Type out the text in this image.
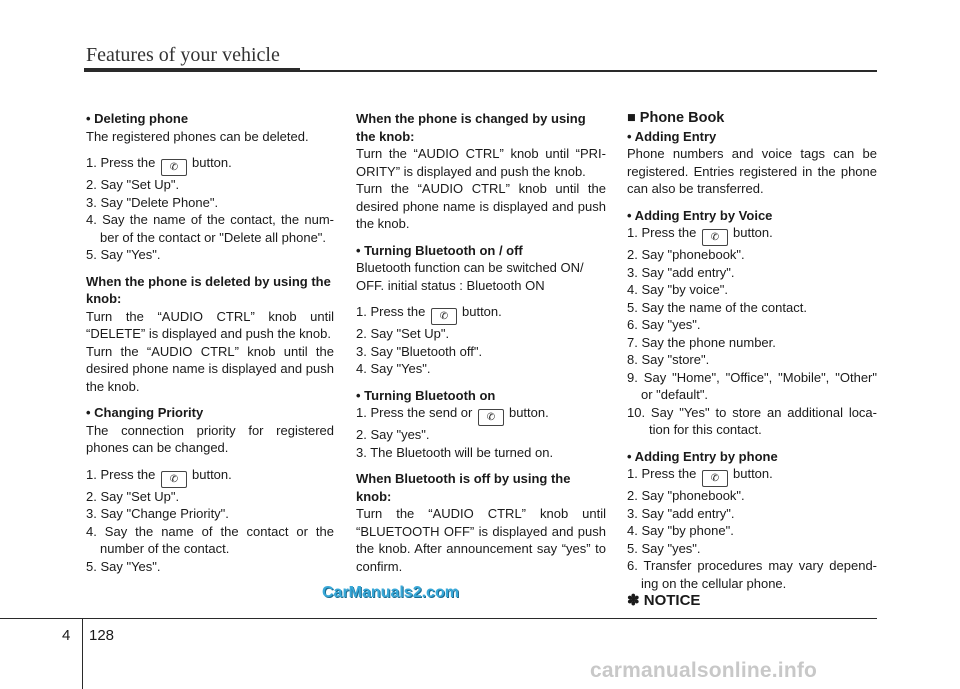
Features of your vehicle

• Deleting phone

The registered phones can be deleted.

1. Press the ✆ button.

2. Say "Set Up".

3. Say "Delete Phone".

4. Say the name of the contact, the num-ber of the contact or "Delete all phone".

5. Say "Yes".

When the phone is deleted by using the knob:

Turn the “AUDIO CTRL” knob until “DELETE” is displayed and push the knob.

Turn the “AUDIO CTRL” knob until the desired phone name is displayed and push the knob.

• Changing Priority

The connection priority for registered phones can be changed.

1. Press the ✆ button.

2. Say "Set Up".

3. Say "Change Priority".

4. Say the name of the contact or the number of the contact.

5. Say "Yes".

When the phone is changed by using the knob:

Turn the “AUDIO CTRL” knob until “PRI-ORITY” is displayed and push the knob.

Turn the “AUDIO CTRL” knob until the desired phone name is displayed and push the knob.

• Turning Bluetooth on / off

Bluetooth function can be switched ON/ OFF. initial status : Bluetooth ON

1. Press the ✆ button.

2. Say "Set Up".

3. Say "Bluetooth off".

4. Say "Yes".

• Turning Bluetooth on

1. Press the send or ✆ button.

2. Say "yes".

3. The Bluetooth will be turned on.

When Bluetooth is off by using the knob:

Turn the “AUDIO CTRL” knob until “BLUETOOTH OFF” is displayed and push the knob. After announcement say “yes” to confirm.

■ Phone Book

• Adding Entry

Phone numbers and voice tags can be registered. Entries registered in the phone can also be transferred.

• Adding Entry by Voice

1. Press the ✆ button.

2. Say "phonebook".

3. Say "add entry".

4. Say "by voice".

5. Say the name of the contact.

6. Say "yes".

7. Say the phone number.

8. Say "store".

9. Say "Home", "Office", "Mobile", "Other" or "default".

10. Say "Yes" to store an additional loca-tion for this contact.

• Adding Entry by phone

1. Press the ✆ button.

2. Say "phonebook".

3. Say "add entry".

4. Say "by phone".

5. Say "yes".

6. Transfer procedures may vary depend-ing on the cellular phone.

✽ NOTICE

CarManuals2.com
4 128
carmanualsonline.info
